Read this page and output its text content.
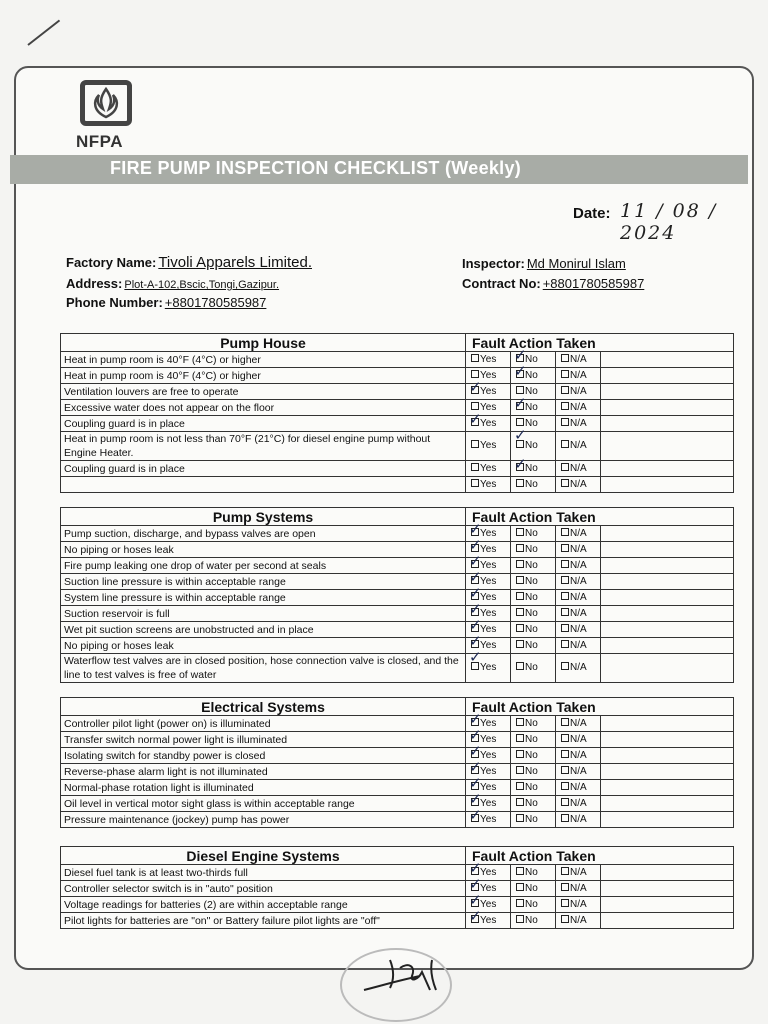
NFPA
FIRE PUMP INSPECTION CHECKLIST (Weekly)
Date: 11 / 08 / 2024
Factory Name: Tivoli Apparels Limited.
Address: Plot-A-102,Bscic,Tongi,Gazipur.
Phone Number: +8801780585987
Inspector: Md Monirul Islam
Contract No: +8801780585987
Pump House	Fault Action Taken			
Heat in pump room is 40°F (4°C) or higher	Yes	No ✓	N/A	
Heat in pump room is 40°F (4°C) or higher	Yes	No ✓	N/A	
Ventilation louvers are free to operate	Yes ✓	No	N/A	
Excessive water does not appear on the floor	Yes	No ✓	N/A	
Coupling guard is in place	Yes ✓	No	N/A	
Heat in pump room is not less than 70°F (21°C) for diesel engine pump without Engine Heater.	Yes	No ✓	N/A	
Coupling guard is in place	Yes	No ✓	N/A	
	Yes	No	N/A	
Pump Systems	Fault Action Taken			
Pump suction, discharge, and bypass valves are open	Yes ✓	No	N/A	
No piping or hoses leak	Yes ✓	No	N/A	
Fire pump leaking one drop of water per second at seals	Yes ✓	No	N/A	
Suction line pressure is within acceptable range	Yes ✓	No	N/A	
System line pressure is within acceptable range	Yes ✓	No	N/A	
Suction reservoir is full	Yes ✓	No	N/A	
Wet pit suction screens are unobstructed and in place	Yes ✓	No	N/A	
No piping or hoses leak	Yes ✓	No	N/A	
Waterflow test valves are in closed position, hose connection valve is closed, and the line to test valves is free of water	Yes ✓	No	N/A	
Electrical Systems	Fault Action Taken			
Controller pilot light (power on) is illuminated	Yes ✓	No	N/A	
Transfer switch normal power light is illuminated	Yes ✓	No	N/A	
Isolating switch for standby power is closed	Yes ✓	No	N/A	
Reverse-phase alarm light is not illuminated	Yes ✓	No	N/A	
Normal-phase rotation light is illuminated	Yes ✓	No	N/A	
Oil level in vertical motor sight glass is within acceptable range	Yes ✓	No	N/A	
Pressure maintenance (jockey) pump has power	Yes ✓	No	N/A	
Diesel Engine Systems	Fault Action Taken			
Diesel fuel tank is at least two-thirds full	Yes ✓	No	N/A	
Controller selector switch is in "auto" position	Yes ✓	No	N/A	
Voltage readings for batteries (2) are within acceptable range	Yes ✓	No	N/A	
Pilot lights for batteries are "on" or Battery failure pilot lights are "off"	Yes ✓	No	N/A	
